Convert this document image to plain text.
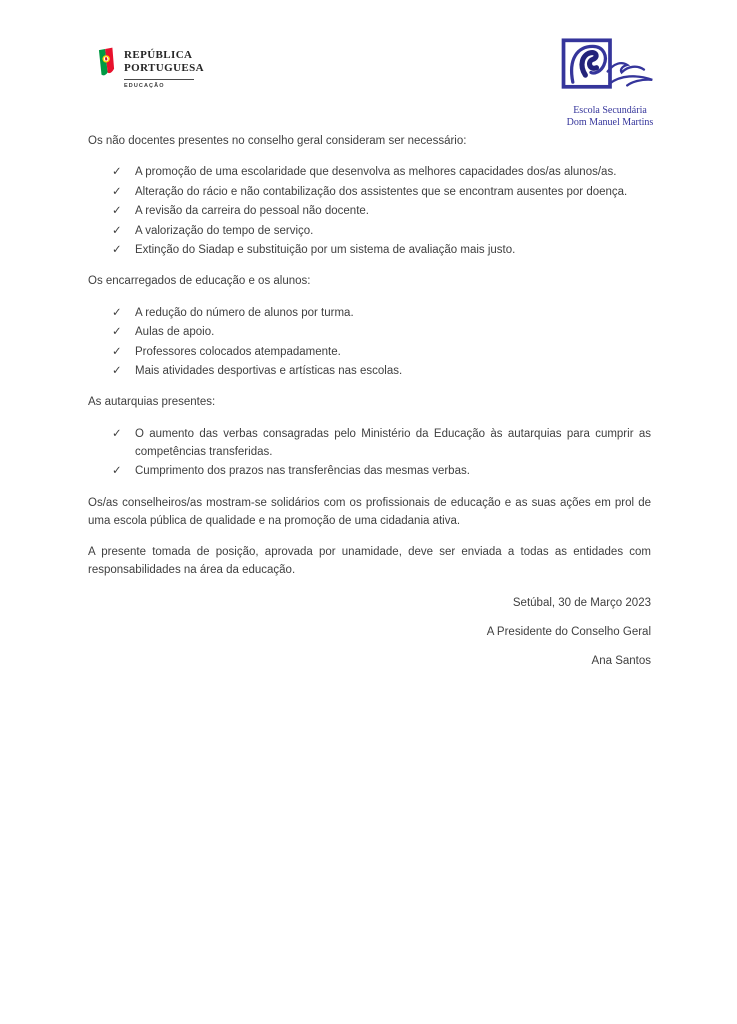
REPÚBLICA
PORTUGUESA
EDUCAÇÃO
Escola Secundária
Dom Manuel Martins

Os não docentes presentes no conselho geral consideram ser necessário:

✓	A promoção de uma escolaridade que desenvolva as melhores capacidades dos/as alunos/as.
✓	Alteração do rácio e não contabilização dos assistentes que se encontram ausentes por doença.
✓	A revisão da carreira do pessoal não docente.
✓	A valorização do tempo de serviço.
✓	Extinção do Siadap e substituição por um sistema de avaliação mais justo.

Os encarregados de educação e os alunos:

✓	A redução do número de alunos por turma.
✓	Aulas de apoio.
✓	Professores colocados atempadamente.
✓	Mais atividades desportivas e artísticas nas escolas.

As autarquias presentes:

✓	O aumento das verbas consagradas pelo Ministério da Educação às autarquias para cumprir as competências transferidas.
✓	Cumprimento dos prazos nas transferências das mesmas verbas.

Os/as conselheiros/as mostram-se solidários com os profissionais de educação e as suas ações em prol de uma escola pública de qualidade e na promoção de uma cidadania ativa.

A presente tomada de posição, aprovada por unamidade, deve ser enviada a todas as entidades com responsabilidades na área da educação.

Setúbal, 30 de Março 2023

A Presidente do Conselho Geral

Ana Santos
